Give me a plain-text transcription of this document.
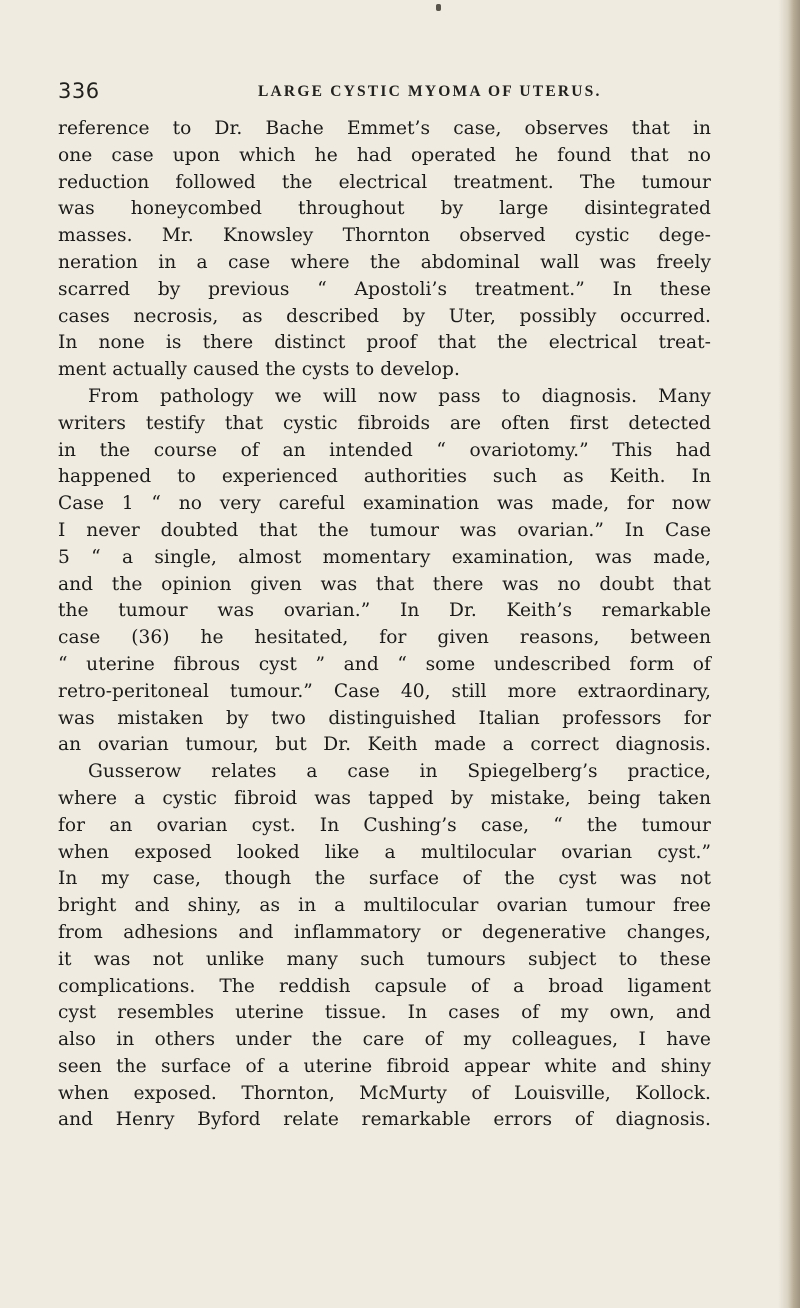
336	LARGE CYSTIC MYOMA OF UTERUS.
reference to Dr. Bache Emmet’s case, observes that in
one case upon which he had operated he found that no
reduction followed the electrical treatment. The tumour
was honeycombed throughout by large disintegrated
masses. Mr. Knowsley Thornton observed cystic dege-
neration in a case where the abdominal wall was freely
scarred by previous “ Apostoli’s treatment.” In these
cases necrosis, as described by Uter, possibly occurred.
In none is there distinct proof that the electrical treat-
ment actually caused the cysts to develop.
From pathology we will now pass to diagnosis. Many
writers testify that cystic fibroids are often first detected
in the course of an intended “ ovariotomy.” This had
happened to experienced authorities such as Keith. In
Case 1 “ no very careful examination was made, for now
I never doubted that the tumour was ovarian.” In Case
5 “ a single, almost momentary examination, was made,
and the opinion given was that there was no doubt that
the tumour was ovarian.” In Dr. Keith’s remarkable
case (36) he hesitated, for given reasons, between
“ uterine fibrous cyst ” and “ some undescribed form of
retro-peritoneal tumour.” Case 40, still more extraordinary,
was mistaken by two distinguished Italian professors for
an ovarian tumour, but Dr. Keith made a correct diagnosis.
Gusserow relates a case in Spiegelberg’s practice,
where a cystic fibroid was tapped by mistake, being taken
for an ovarian cyst. In Cushing’s case, “ the tumour
when exposed looked like a multilocular ovarian cyst.”
In my case, though the surface of the cyst was not
bright and shiny, as in a multilocular ovarian tumour free
from adhesions and inflammatory or degenerative changes,
it was not unlike many such tumours subject to these
complications. The reddish capsule of a broad ligament
cyst resembles uterine tissue. In cases of my own, and
also in others under the care of my colleagues, I have
seen the surface of a uterine fibroid appear white and shiny
when exposed. Thornton, McMurty of Louisville, Kollock.
and Henry Byford relate remarkable errors of diagnosis.
